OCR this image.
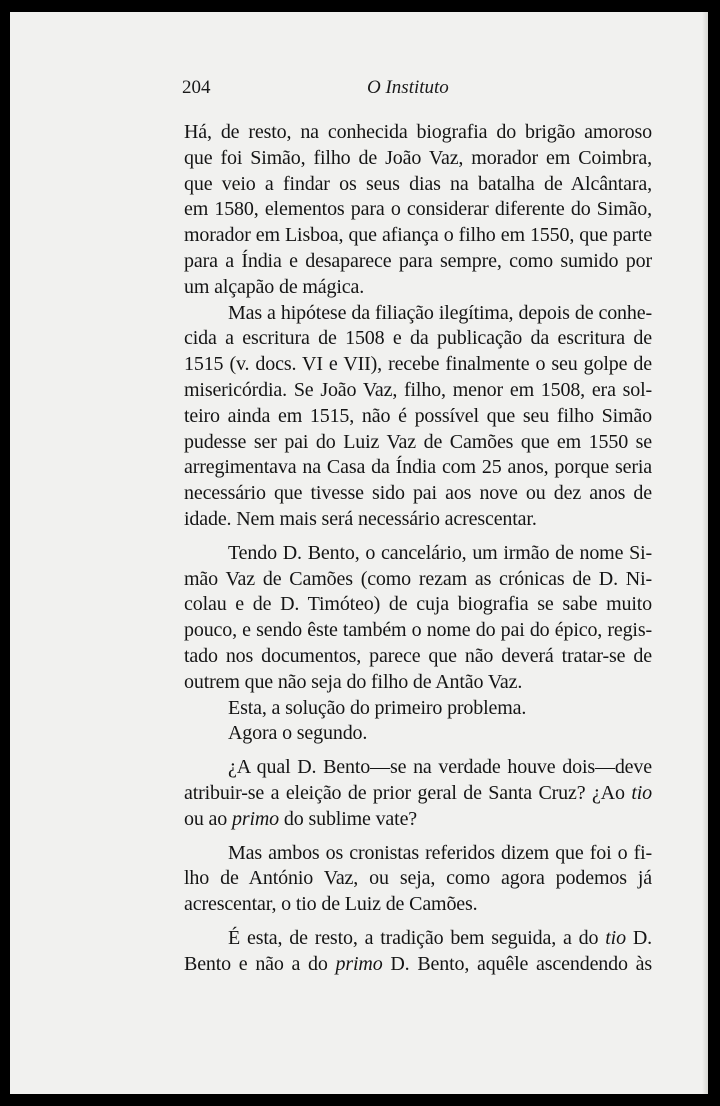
204	O Instituto
Há, de resto, na conhecida biografia do brigão amoroso
que foi Simão, filho de João Vaz, morador em Coimbra,
que veio a findar os seus dias na batalha de Alcântara,
em 1580, elementos para o considerar diferente do Simão,
morador em Lisboa, que afiança o filho em 1550, que parte
para a Índia e desaparece para sempre, como sumido por
um alçapão de mágica.
Mas a hipótese da filiação ilegítima, depois de conhe-
cida a escritura de 1508 e da publicação da escritura de
1515 (v. docs. VI e VII), recebe finalmente o seu golpe de
misericórdia. Se João Vaz, filho, menor em 1508, era sol-
teiro ainda em 1515, não é possível que seu filho Simão
pudesse ser pai do Luiz Vaz de Camões que em 1550 se
arregimentava na Casa da Índia com 25 anos, porque seria
necessário que tivesse sido pai aos nove ou dez anos de
idade. Nem mais será necessário acrescentar.
Tendo D. Bento, o cancelário, um irmão de nome Si-
mão Vaz de Camões (como rezam as crónicas de D. Ni-
colau e de D. Timóteo) de cuja biografia se sabe muito
pouco, e sendo êste também o nome do pai do épico, regis-
tado nos documentos, parece que não deverá tratar-se de
outrem que não seja do filho de Antão Vaz.
Esta, a solução do primeiro problema.
Agora o segundo.
¿A qual D. Bento—se na verdade houve dois—deve
atribuir-se a eleição de prior geral de Santa Cruz? ¿Ao tio
ou ao primo do sublime vate?
Mas ambos os cronistas referidos dizem que foi o fi-
lho de António Vaz, ou seja, como agora podemos já
acrescentar, o tio de Luiz de Camões.
É esta, de resto, a tradição bem seguida, a do tio D.
Bento e não a do primo D. Bento, aquêle ascendendo às
